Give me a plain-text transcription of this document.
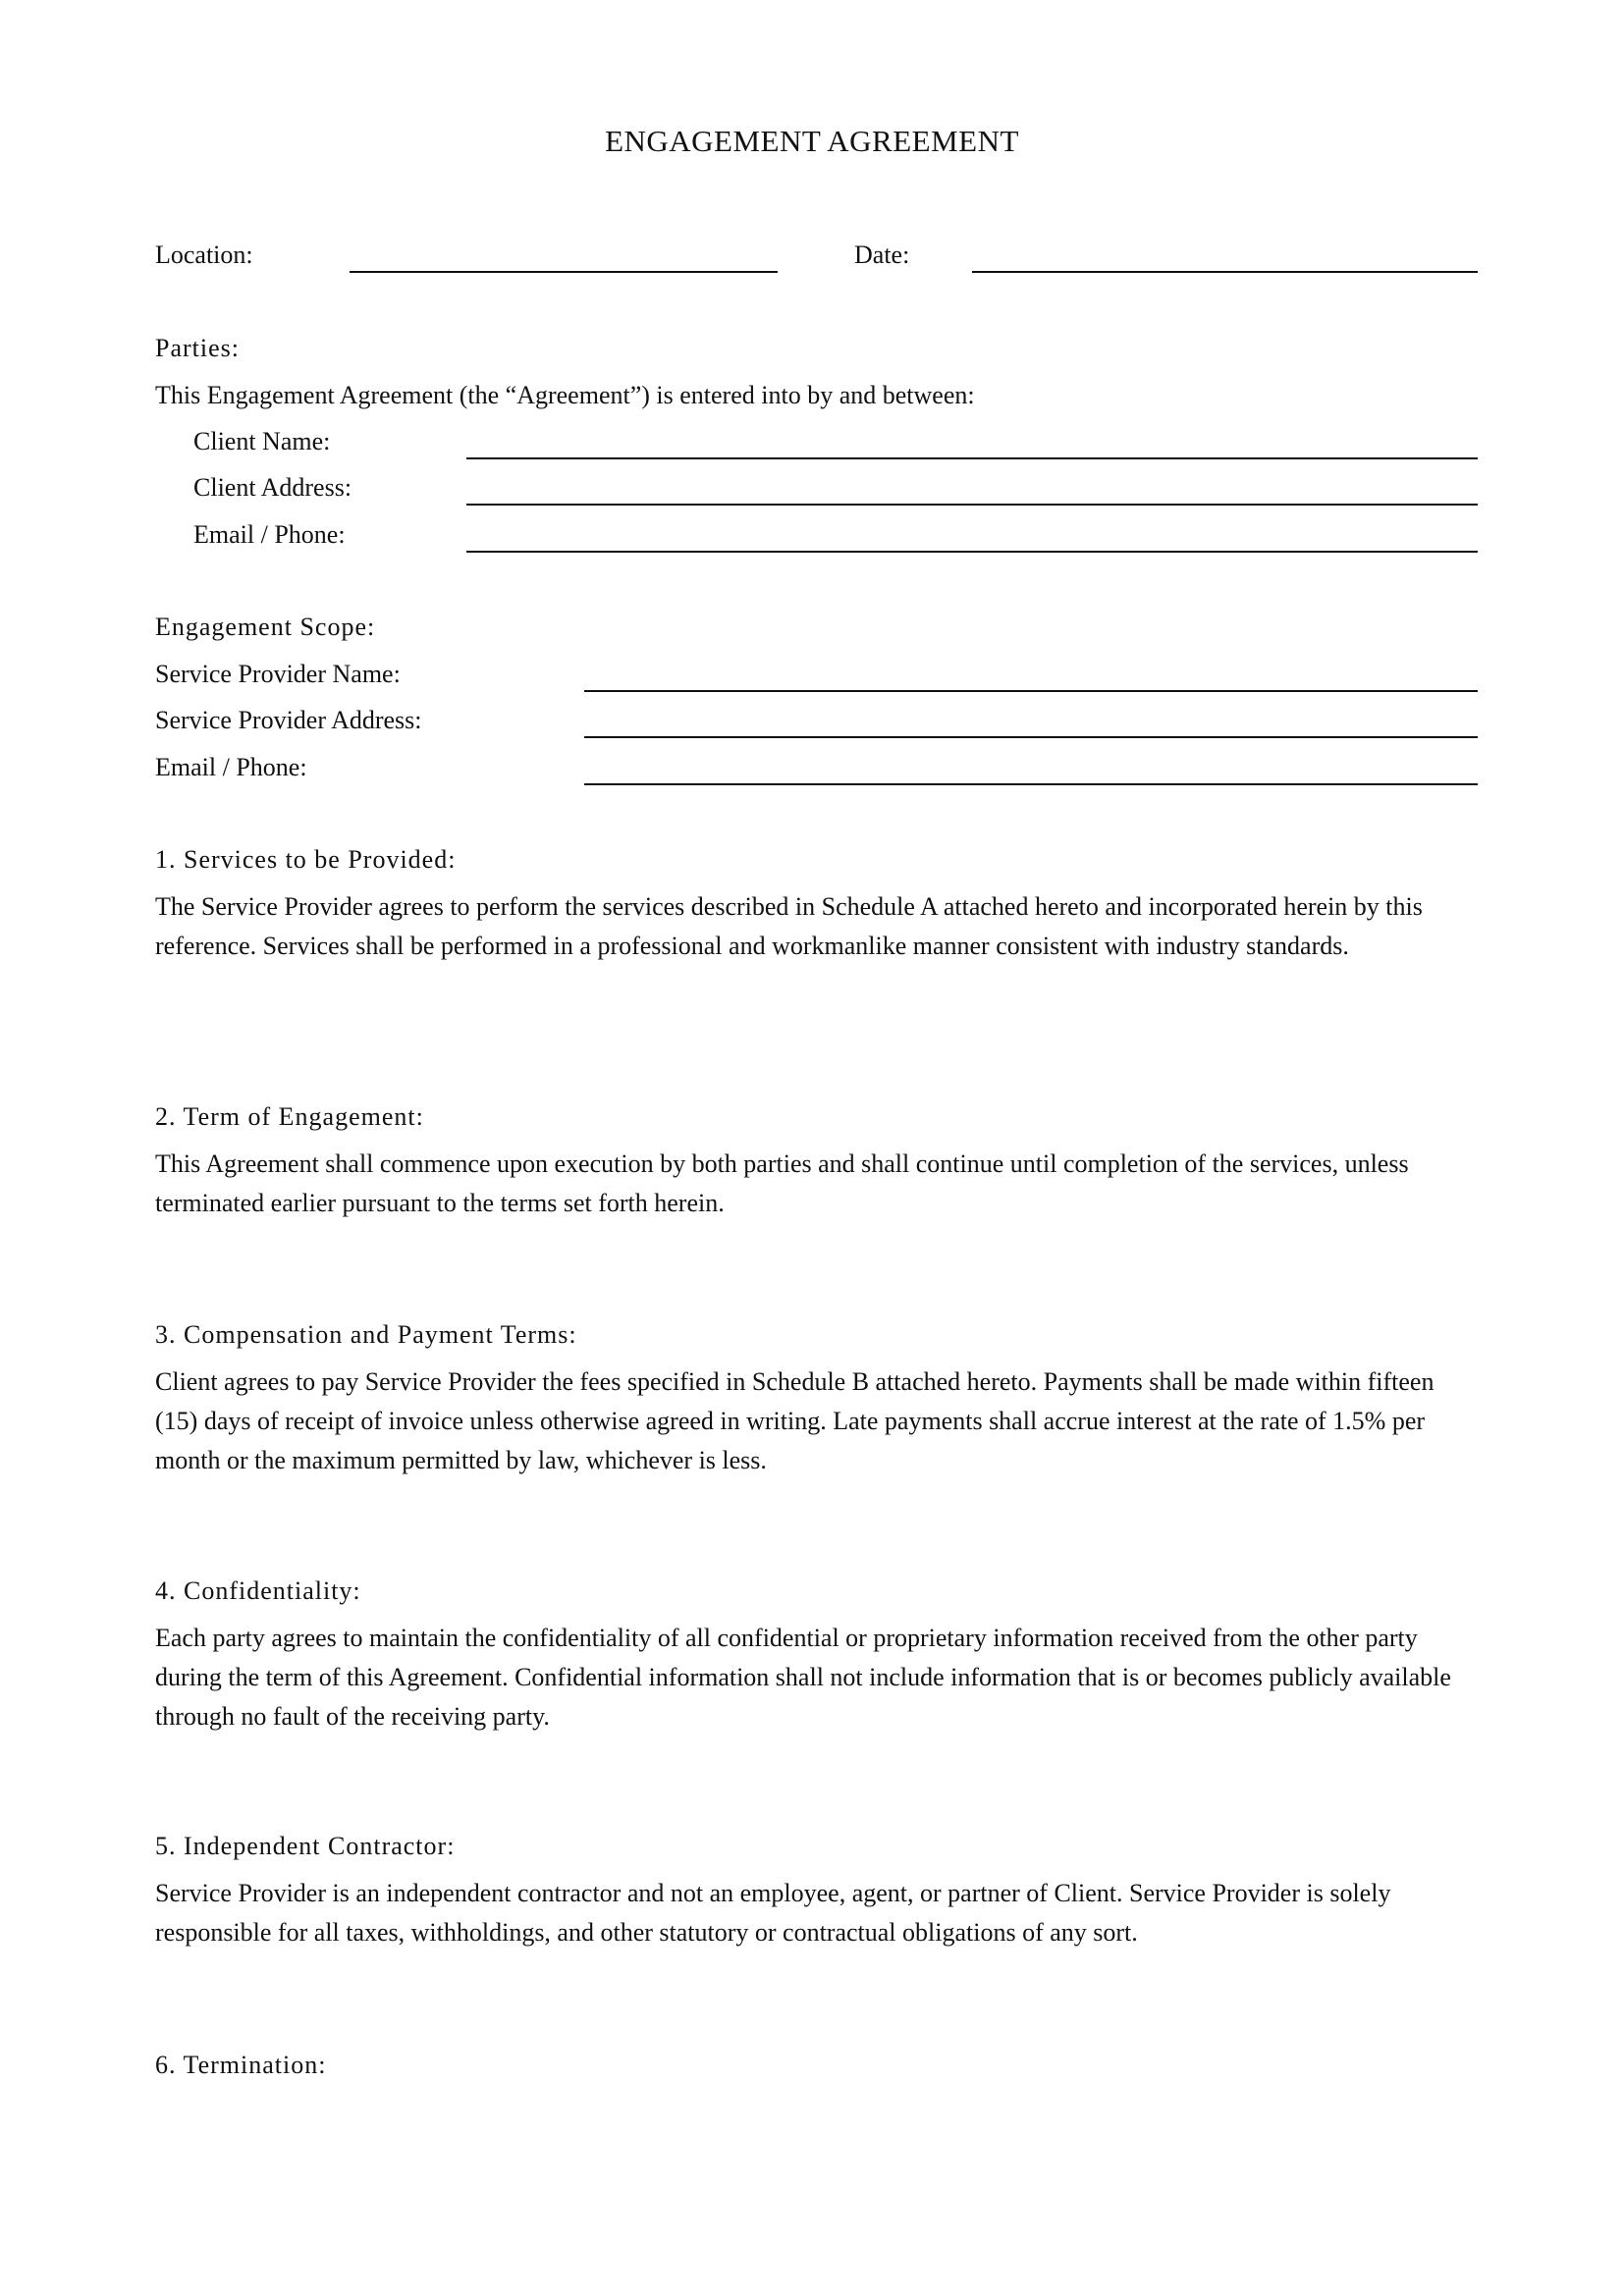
ENGAGEMENT AGREEMENT
Location:	Date:
Parties:
This Engagement Agreement (the “Agreement”) is entered into by and between:
Client Name:
Client Address:
Email / Phone:
Engagement Scope:
Service Provider Name:
Service Provider Address:
Email / Phone:
1. Services to be Provided:
The Service Provider agrees to perform the services described in Schedule A attached hereto and incorporated herein by this reference. Services shall be performed in a professional and workmanlike manner consistent with industry standards.
2. Term of Engagement:
This Agreement shall commence upon execution by both parties and shall continue until completion of the services, unless terminated earlier pursuant to the terms set forth herein.
3. Compensation and Payment Terms:
Client agrees to pay Service Provider the fees specified in Schedule B attached hereto. Payments shall be made within fifteen (15) days of receipt of invoice unless otherwise agreed in writing. Late payments shall accrue interest at the rate of 1.5% per month or the maximum permitted by law, whichever is less.
4. Confidentiality:
Each party agrees to maintain the confidentiality of all confidential or proprietary information received from the other party during the term of this Agreement. Confidential information shall not include information that is or becomes publicly available through no fault of the receiving party.
5. Independent Contractor:
Service Provider is an independent contractor and not an employee, agent, or partner of Client. Service Provider is solely responsible for all taxes, withholdings, and other statutory or contractual obligations of any sort.
6. Termination:
